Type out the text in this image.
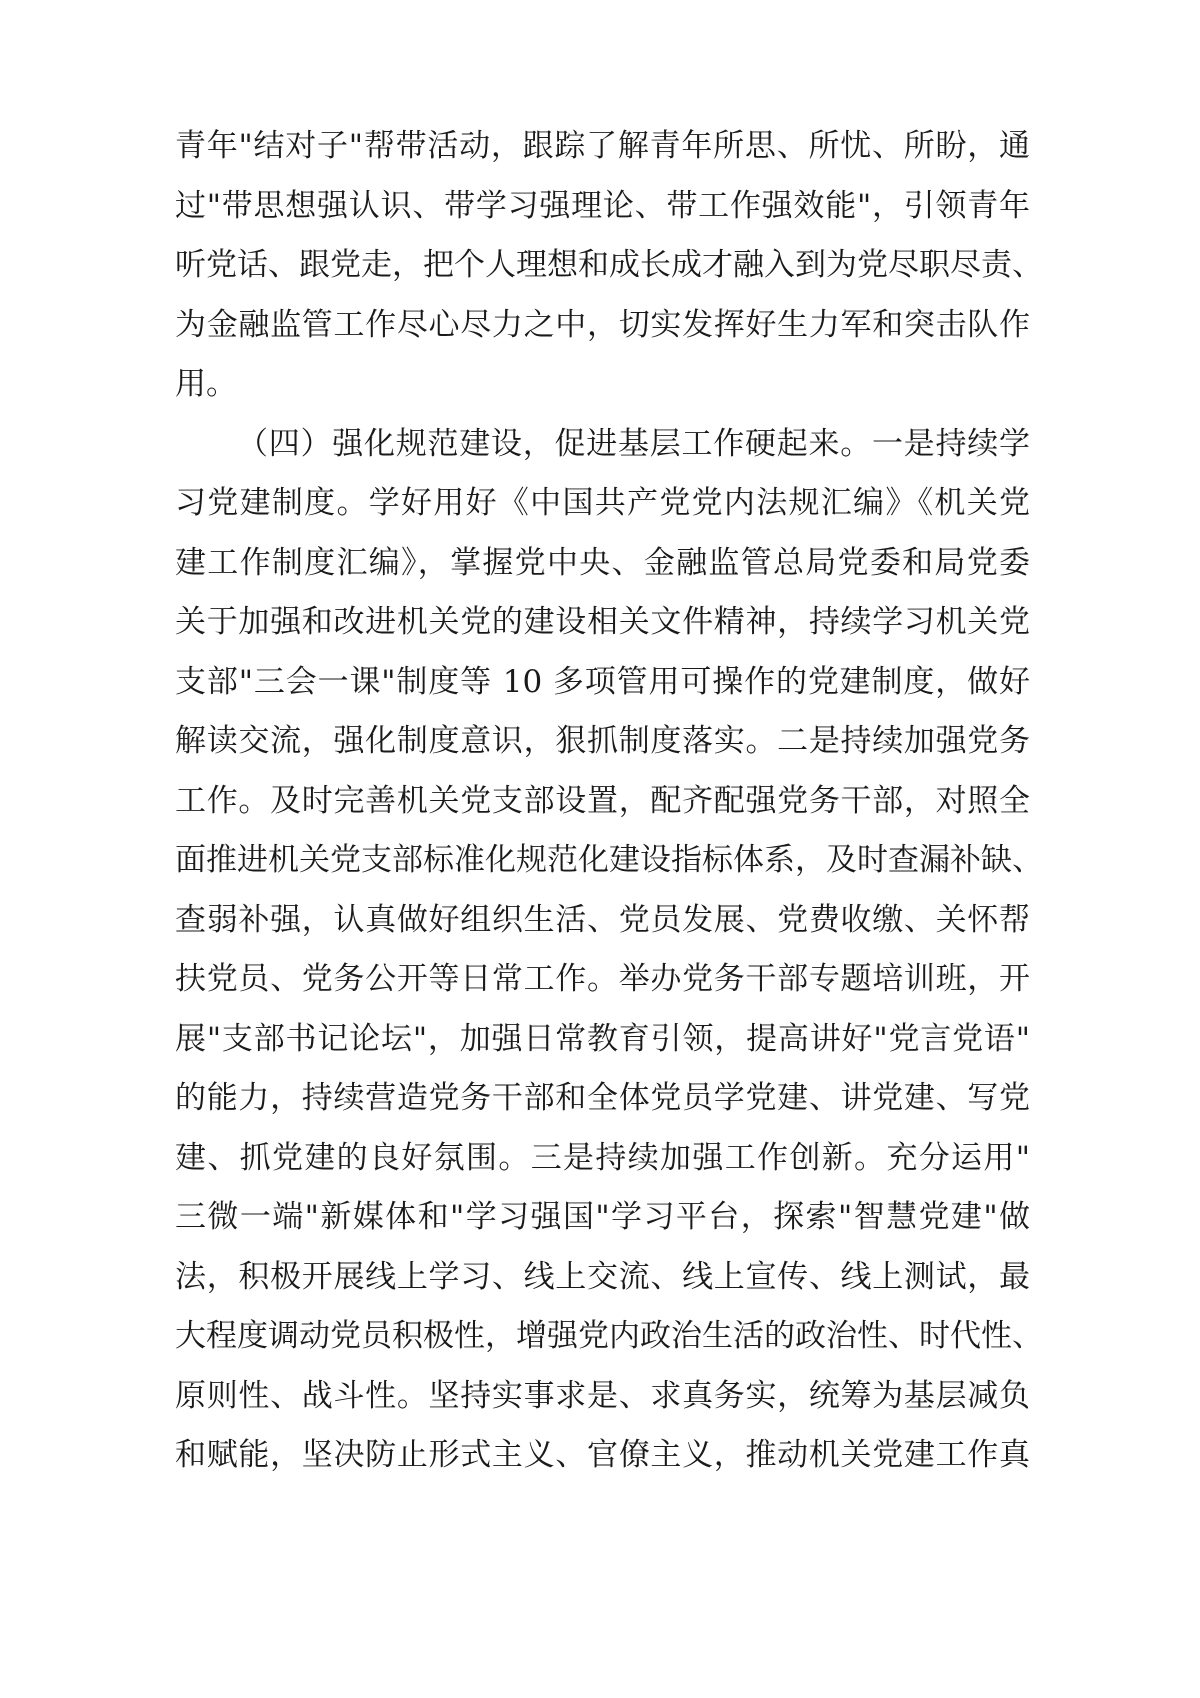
青年"结对子"帮带活动，跟踪了解青年所思、所忧、所盼，通
过"带思想强认识、带学习强理论、带工作强效能"，引领青年
听党话、跟党走，把个人理想和成长成才融入到为党尽职尽责、
为金融监管工作尽心尽力之中，切实发挥好生力军和突击队作
用。
（四）强化规范建设，促进基层工作硬起来。一是持续学
习党建制度。学好用好《中国共产党党内法规汇编》《机关党
建工作制度汇编》，掌握党中央、金融监管总局党委和局党委
关于加强和改进机关党的建设相关文件精神，持续学习机关党
支部"三会一课"制度等 10 多项管用可操作的党建制度，做好
解读交流，强化制度意识，狠抓制度落实。二是持续加强党务
工作。及时完善机关党支部设置，配齐配强党务干部，对照全
面推进机关党支部标准化规范化建设指标体系，及时查漏补缺、
查弱补强，认真做好组织生活、党员发展、党费收缴、关怀帮
扶党员、党务公开等日常工作。举办党务干部专题培训班，开
展"支部书记论坛"，加强日常教育引领，提高讲好"党言党语"
的能力，持续营造党务干部和全体党员学党建、讲党建、写党
建、抓党建的良好氛围。三是持续加强工作创新。充分运用"
三微一端"新媒体和"学习强国"学习平台，探索"智慧党建"做
法，积极开展线上学习、线上交流、线上宣传、线上测试，最
大程度调动党员积极性，增强党内政治生活的政治性、时代性、
原则性、战斗性。坚持实事求是、求真务实，统筹为基层减负
和赋能，坚决防止形式主义、官僚主义，推动机关党建工作真
